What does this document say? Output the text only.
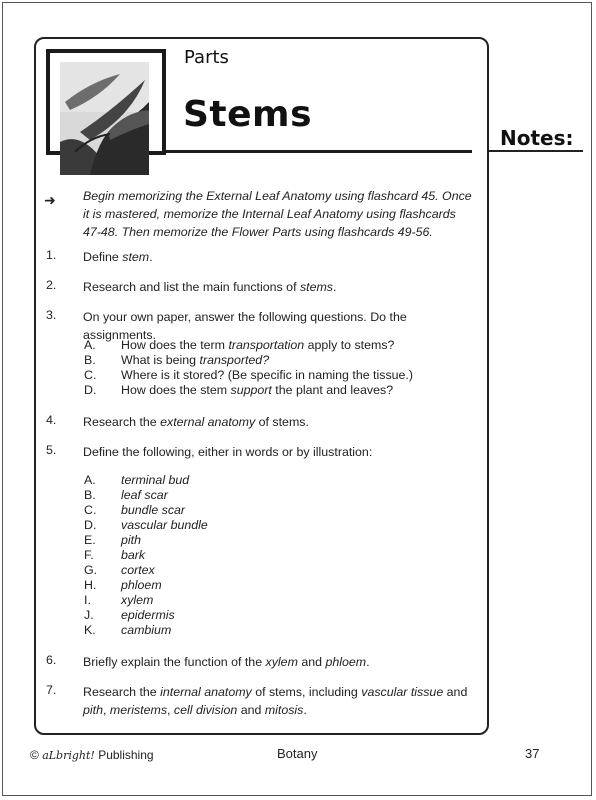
Parts
Stems
Notes:
➜ Begin memorizing the External Leaf Anatomy using flashcard 45. Once it is mastered, memorize the Internal Leaf Anatomy using flashcards 47-48. Then memorize the Flower Parts using flashcards 49-56.
1. Define stem.
2. Research and list the main functions of stems.
3. On your own paper, answer the following questions. Do the assignments.
4. Research the external anatomy of stems.
5. Define the following, either in words or by illustration:
6. Briefly explain the function of the xylem and phloem.
7. Research the internal anatomy of stems, including vascular tissue and pith, meristems, cell division and mitosis.
A. How does the term transportation apply to stems?
B. What is being transported?
C. Where is it stored? (Be specific in naming the tissue.)
D. How does the stem support the plant and leaves?
A. terminal bud
B. leaf scar
C. bundle scar
D. vascular bundle
E. pith
F. bark
G. cortex
H. phloem
I. xylem
J. epidermis
K. cambium
© aLbright! Publishing	Botany	37
